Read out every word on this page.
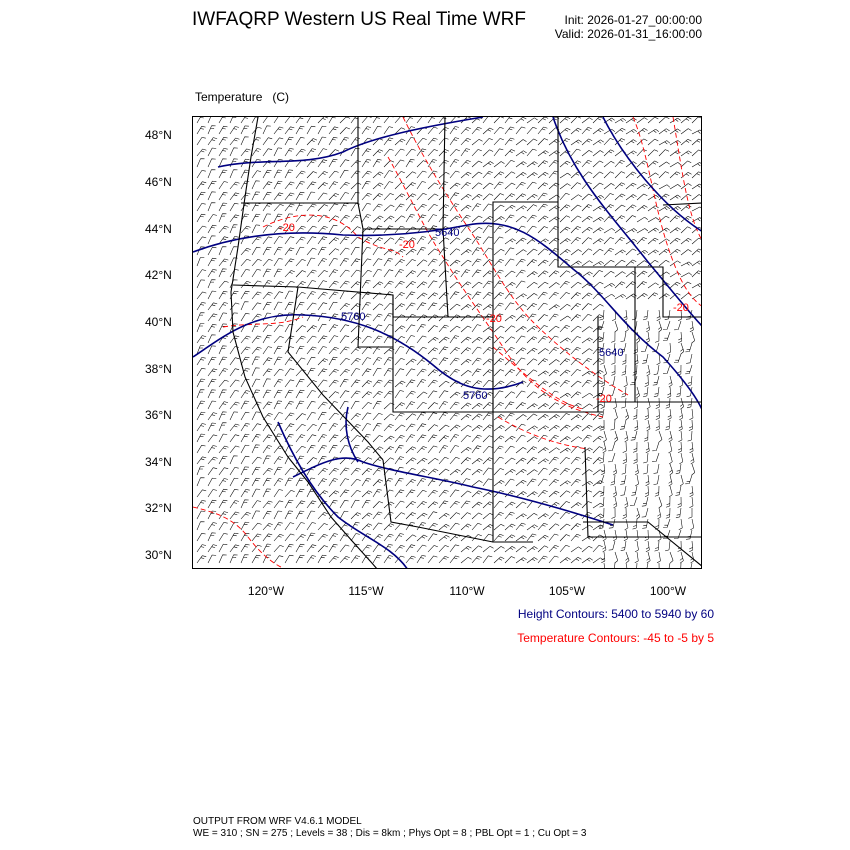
IWFAQRP Western US Real Time WRF	Init: 2026-01-27_00:00:00
Valid: 2026-01-31_16:00:00

Temperature   (C)

5640
5760
5760
5640
-20
-20
-20
-20
-20
48°N
46°N
44°N
42°N
40°N
38°N
36°N
34°N
32°N
30°N
120°W	115°W	110°W	105°W	100°W
Height Contours: 5400 to 5940 by 60
Temperature Contours: -45 to -5 by 5
OUTPUT FROM WRF V4.6.1 MODEL
WE = 310 ; SN = 275 ; Levels = 38 ; Dis = 8km ; Phys Opt = 8 ; PBL Opt = 1 ; Cu Opt = 3
